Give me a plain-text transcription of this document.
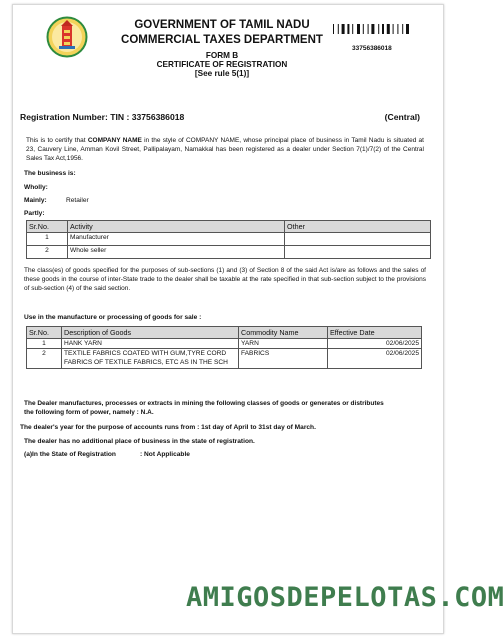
GOVERNMENT OF TAMIL NADU
COMMERCIAL TAXES DEPARTMENT
FORM B
CERTIFICATE OF REGISTRATION
[See rule 5(1)]
33756386018
Registration Number: TIN : 33756386018	(Central)
This is to certify that COMPANY NAME in the style of COMPANY NAME, whose principal place of business in Tamil Nadu is situated at 23, Cauvery Line, Amman Kovil Street, Pallipalayam, Namakkal has been registered as a dealer under Section 7(1)/7(2) of the Central Sales Tax Act,1956.
The business is:
Wholly:
Mainly:	Retailer
Partly:
Sr.No.	Activity	Other
1	Manufacturer	
2	Whole seller	
The class(es) of goods specified for the purposes of sub-sections (1) and (3) of Section 8 of the said Act is/are as follows and the sales of these goods in the course of inter-State trade to the dealer shall be taxable at the rate specified in that sub-section subject to the provisions of sub-section (4) of the said section.
Use in the manufacture or processing of goods for sale :
Sr.No.	Description of Goods	Commodity Name	Effective Date
1	HANK YARN	YARN	02/06/2025
2	TEXTILE FABRICS COATED WITH GUM,TYRE CORD FABRICS OF TEXTILE FABRICS, ETC AS IN THE SCH	FABRICS	02/06/2025
The Dealer manufactures, processes or extracts in mining the following classes of goods or generates or distributes the following form of power, namely : N.A.
The dealer's year for the purpose of accounts runs from : 1st day of April to 31st day of March.
The dealer has no additional place of business in the state of registration.
(a)In the State of Registration	: Not Applicable
AMIGOSDEPELOTAS.COM
